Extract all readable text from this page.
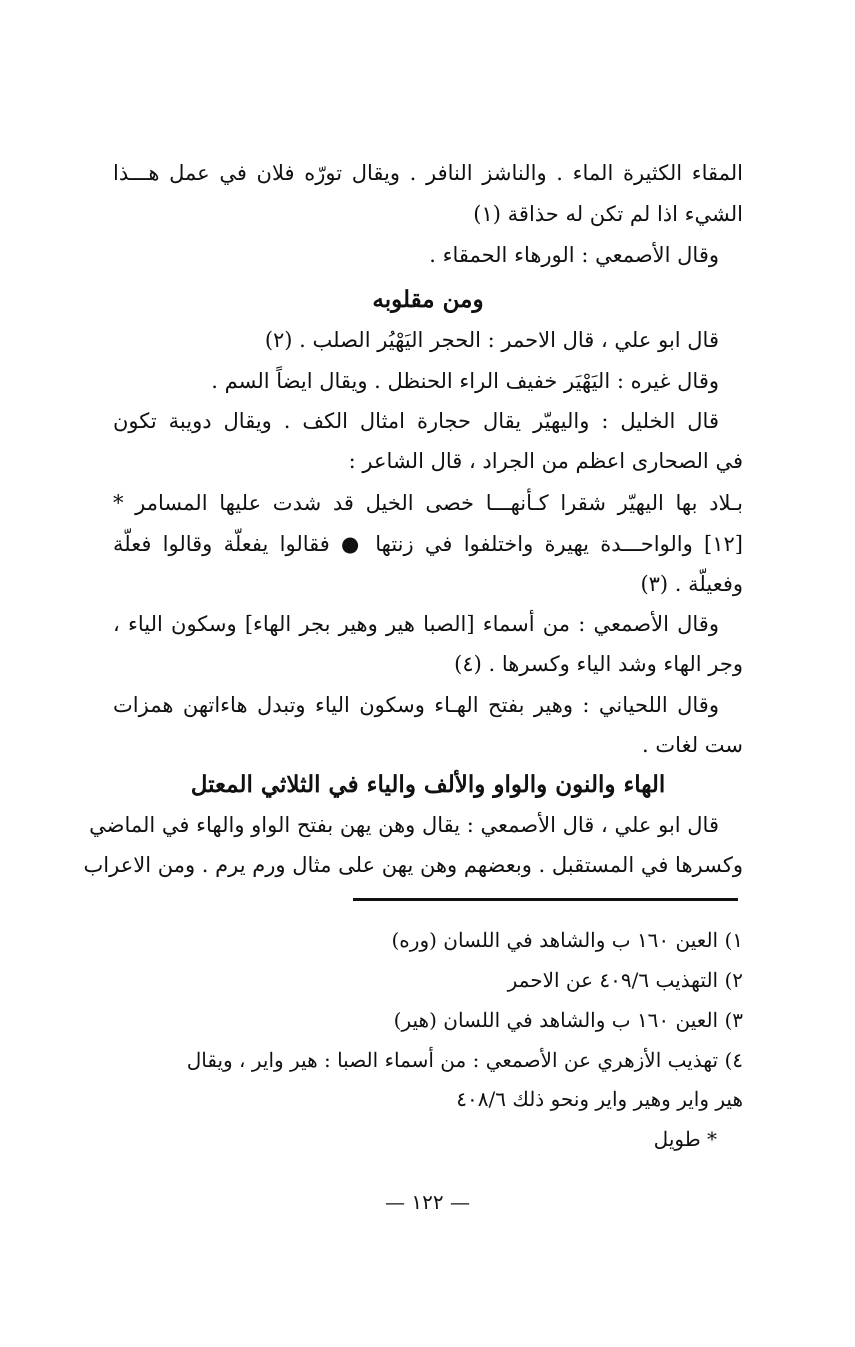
المقاء الكثيرة الماء . والناشز النافر . ويقال تورّه فلان في عمل هـــذا
الشيء اذا لم تكن له حذاقة (١)
وقال الأصمعي : الورهاء الحمقاء .
ومن مقلوبه
قال ابو علي ، قال الاحمر : الحجر اليَهْيُر الصلب . (٢)
وقال غيره : اليَهْيَر خفيف الراء الحنظل . ويقال ايضاً السم .
قال الخليل : واليهيّر يقال حجارة امثال الكف . ويقال دويبة تكون
في الصحارى اعظم من الجراد ، قال الشاعر :
بـلاد بها اليهيّر شقرا كـأنهـــا خصى الخيل قد شدت عليها المسامر *
[١٢] والواحـــدة يهيرة واختلفوا في زنتها ● فقالوا يفعلّة وقالوا فعلّة
وفعيلّة . (٣)
وقال الأصمعي : من أسماء [الصبا هير وهير بجر الهاء] وسكون الياء ،
وجر الهاء وشد الياء وكسرها . (٤)
وقال اللحياني : وهير بفتح الهـاء وسكون الياء وتبدل هاءاتهن همزات
ست لغات .
الهاء والنون والواو والألف والياء في الثلاثي المعتل
قال ابو علي ، قال الأصمعي : يقال وهن يهن بفتح الواو والهاء في الماضي
وكسرها في المستقبل . وبعضهم وهن يهن على مثال ورم يرم . ومن الاعراب
١) العين ١٦٠ ب والشاهد في اللسان (وره)
٢) التهذيب ٤٠٩/٦ عن الاحمر
٣) العين ١٦٠ ب والشاهد في اللسان (هير)
٤) تهذيب الأزهري عن الأصمعي : من أسماء الصبا : هير واير ، ويقال
هير واير وهير واير ونحو ذلك ٤٠٨/٦
* طويل
— ١٢٢ —
